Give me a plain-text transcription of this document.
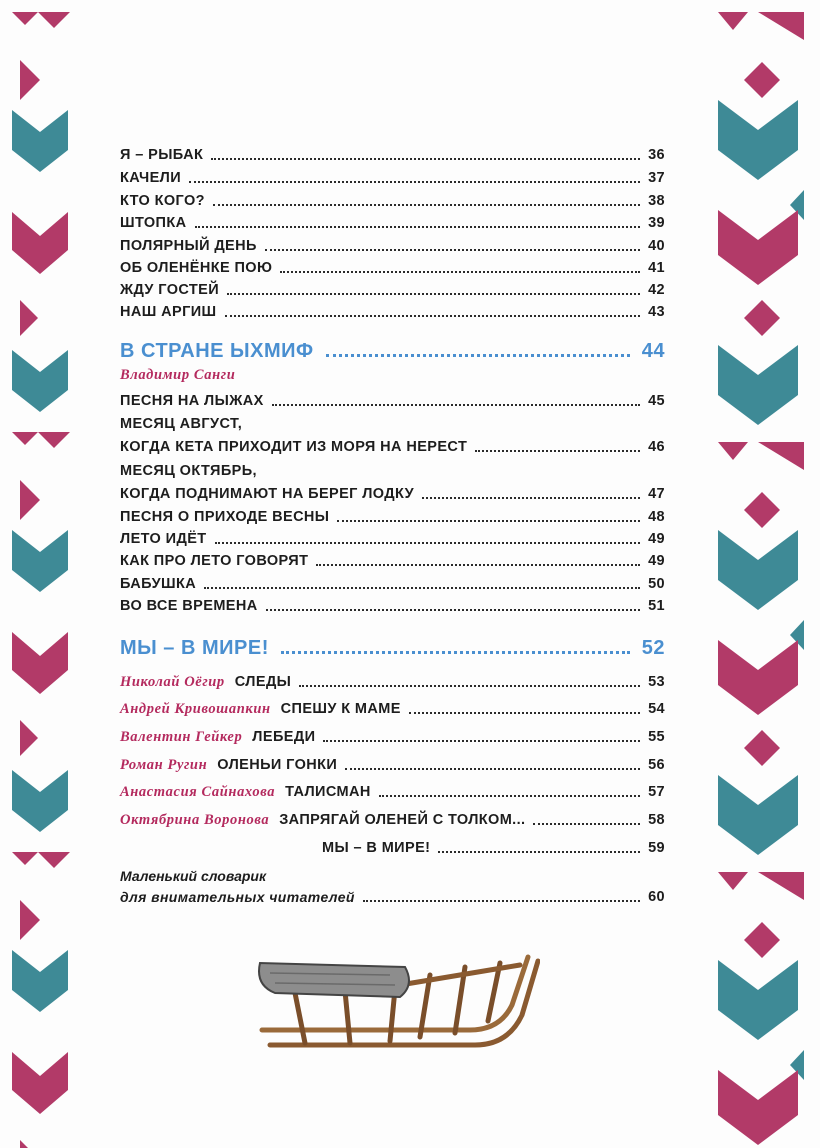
Я – РЫБАК	36
КАЧЕЛИ	37
КТО КОГО?	38
ШТОПКА	39
ПОЛЯРНЫЙ ДЕНЬ	40
ОБ ОЛЕНЁНКЕ ПОЮ	41
ЖДУ ГОСТЕЙ	42
НАШ АРГИШ	43
В СТРАНЕ ЫХМИФ	44
Владимир Санги
ПЕСНЯ НА ЛЫЖАХ	45
МЕСЯЦ АВГУСТ,
КОГДА КЕТА ПРИХОДИТ ИЗ МОРЯ НА НЕРЕСТ	46
МЕСЯЦ ОКТЯБРЬ,
КОГДА ПОДНИМАЮТ НА БЕРЕГ ЛОДКУ	47
ПЕСНЯ О ПРИХОДЕ ВЕСНЫ	48
ЛЕТО ИДЁТ	49
КАК ПРО ЛЕТО ГОВОРЯТ	49
БАБУШКА	50
ВО ВСЕ ВРЕМЕНА	51
МЫ – В МИРЕ!	52
Николай Оёгир СЛЕДЫ	53
Андрей Кривошапкин СПЕШУ К МАМЕ	54
Валентин Гейкер ЛЕБЕДИ	55
Роман Ругин ОЛЕНЬИ ГОНКИ	56
Анастасия Сайнахова ТАЛИСМАН	57
Октябрина Воронова ЗАПРЯГАЙ ОЛЕНЕЙ С ТОЛКОМ...	58
МЫ – В МИРЕ!	59
Маленький словарик
для внимательных читателей	60
